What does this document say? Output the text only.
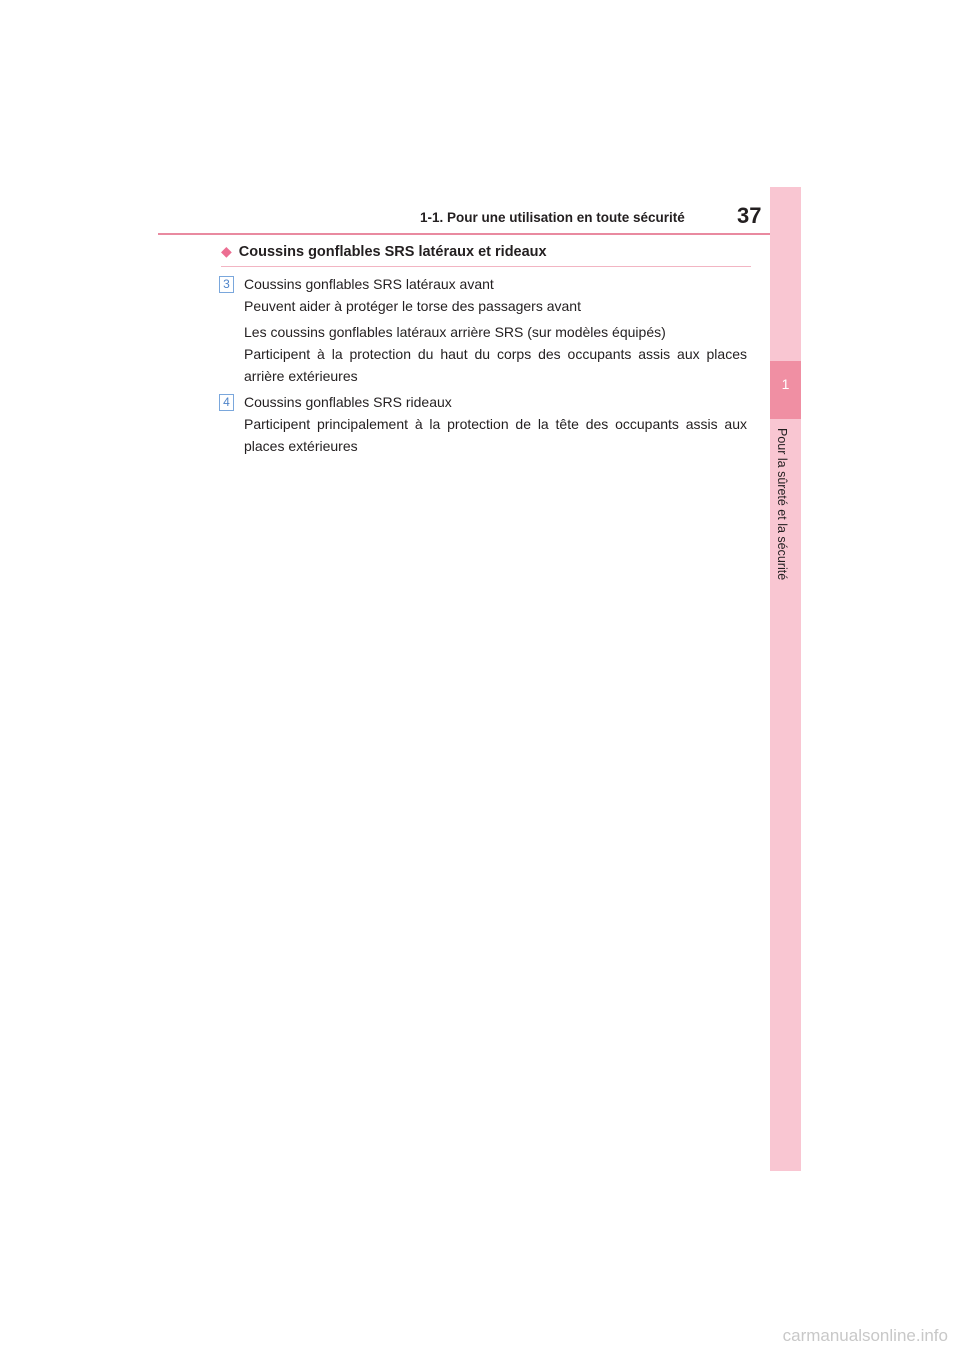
1-1. Pour une utilisation en toute sécurité 37
1
Pour la sûreté et la sécurité
◆ Coussins gonflables SRS latéraux et rideaux
3 Coussins gonflables SRS latéraux avant

Peuvent aider à protéger le torse des passagers avant

Les coussins gonflables latéraux arrière SRS (sur modèles équipés)

Participent à la protection du haut du corps des occupants assis aux places arrière extérieures

4 Coussins gonflables SRS rideaux

Participent principalement à la protection de la tête des occupants assis aux places extérieures

carmanualsonline.info
